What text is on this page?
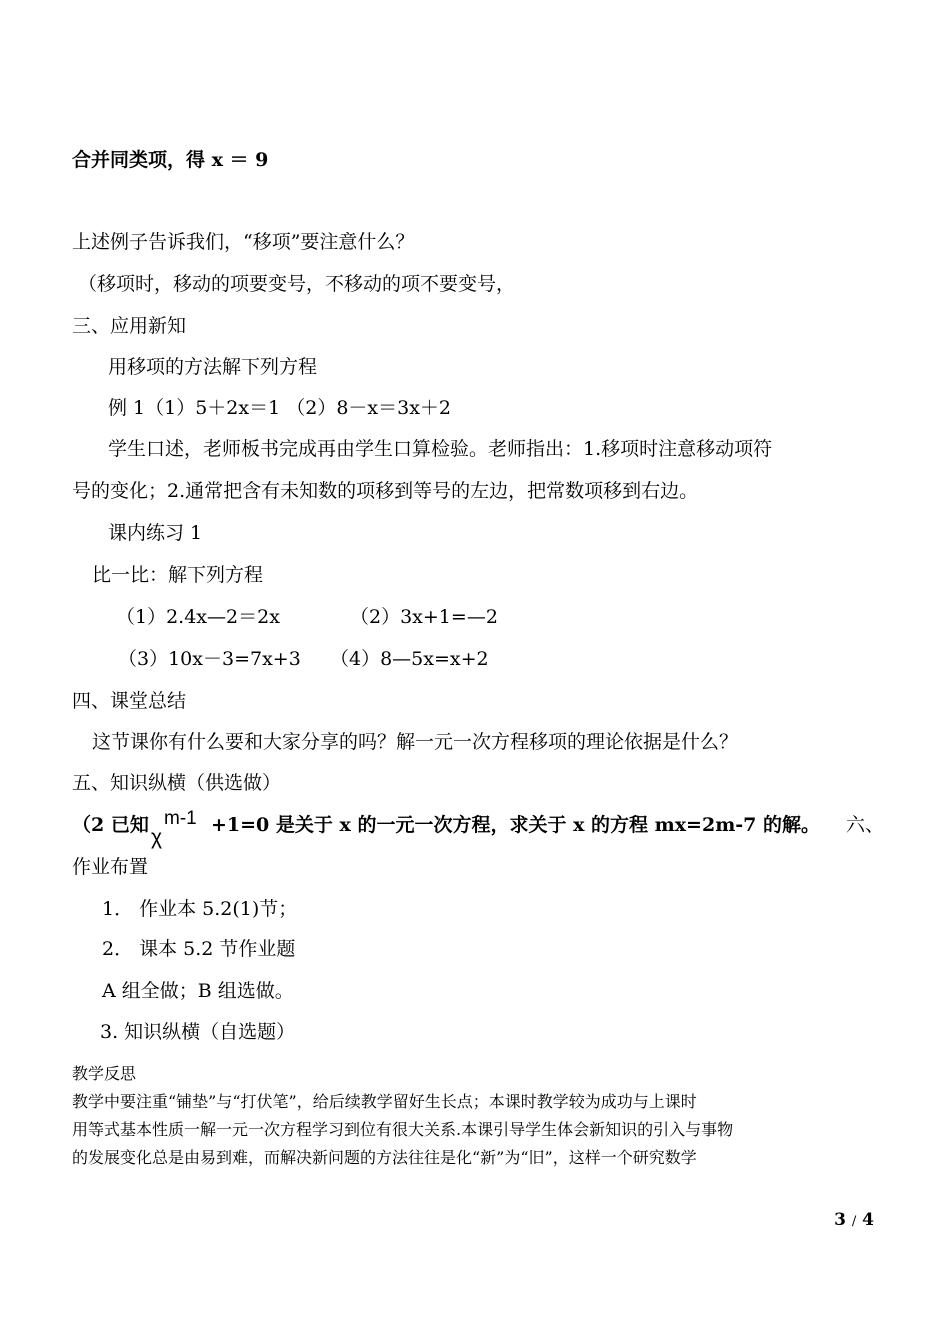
合并同类项，得 x ＝ 9
上述例子告诉我们，“移项”要注意什么？
（移项时，移动的项要变号，不移动的项不要变号，
三、应用新知
用移项的方法解下列方程
例 1（1）5＋2x＝1 （2）8－x＝3x＋2
学生口述，老师板书完成再由学生口算检验。老师指出：1.移项时注意移动项符
号的变化；2.通常把含有未知数的项移到等号的左边，把常数项移到右边。
课内练习 1
比一比：解下列方程
（1）2.4x—2＝2x	（2）3x+1=—2
（3）10x－3=7x+3 （4）8—5x=x+2
四、课堂总结
这节课你有什么要和大家分享的吗？解一元一次方程移项的理论依据是什么？
五、知识纵横（供选做）
（2 已知 m-1
χ
+1=0 是关于 x 的一元一次方程，求关于 x 的方程 mx=2m-7 的解。 六、
作业布置
1． 作业本 5.2(1)节；
2． 课本 5.2 节作业题
A 组全做；B 组选做。
3. 知识纵横（自选题）
教学反思
教学中要注重“铺垫”与“打伏笔”，给后续教学留好生长点；本课时教学较为成功与上课时
用等式基本性质一解一元一次方程学习到位有很大关系.本课引导学生体会新知识的引入与事物
的发展变化总是由易到难，而解决新问题的方法往往是化“新”为“旧”，这样一个研究数学
3 / 4
